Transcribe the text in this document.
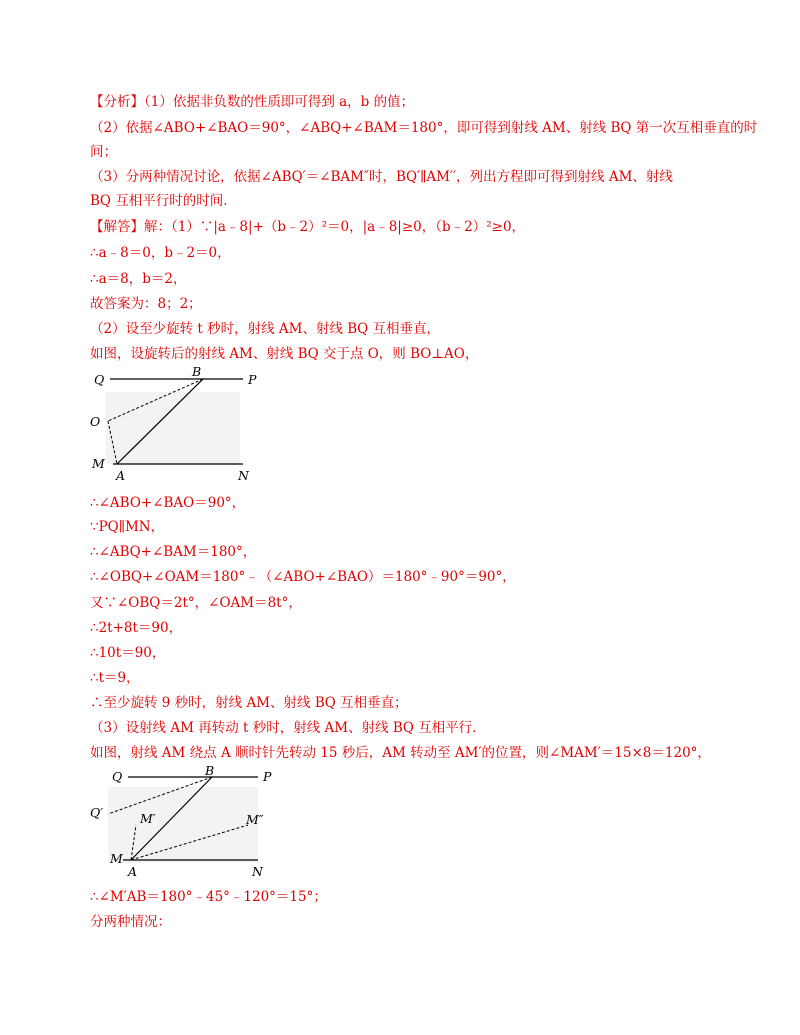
【分析】（1）依据非负数的性质即可得到 a，b 的值；
（2）依据∠ABO+∠BAO＝90°，∠ABQ+∠BAM＝180°，即可得到射线 AM、射线 BQ 第一次互相垂直的时
间；
（3）分两种情况讨论，依据∠ABQ′＝∠BAM″时，BQ′∥AM′′，列出方程即可得到射线 AM、射线
BQ 互相平行时的时间．
【解答】解：（1）∵|a﹣8|+（b﹣2）²＝0，|a﹣8|≥0，（b﹣2）²≥0，
∴a﹣8＝0，b﹣2＝0，
∴a＝8，b＝2，
故答案为：8；2；
（2）设至少旋转 t 秒时，射线 AM、射线 BQ 互相垂直，
如图，设旋转后的射线 AM、射线 BQ 交于点 O，则 BO⊥AO，
Q
B
P
O
M
A	N
∴∠ABO+∠BAO＝90°，
∵PQ∥MN，
∴∠ABQ+∠BAM＝180°，
∴∠OBQ+∠OAM＝180°﹣（∠ABO+∠BAO）＝180°﹣90°＝90°，
又∵∠OBQ＝2t°，∠OAM＝8t°，
∴2t+8t＝90，
∴10t＝90，
∴t＝9，
∴至少旋转 9 秒时，射线 AM、射线 BQ 互相垂直；
（3）设射线 AM 再转动 t 秒时，射线 AM、射线 BQ 互相平行．
如图，射线 AM 绕点 A 顺时针先转动 15 秒后，AM 转动至 AM′的位置，则∠MAM′＝15×8＝120°，
Q	B	P
Q′	M′	M″
M
A	N
∴∠M′AB＝180°﹣45°﹣120°＝15°；
分两种情况：
